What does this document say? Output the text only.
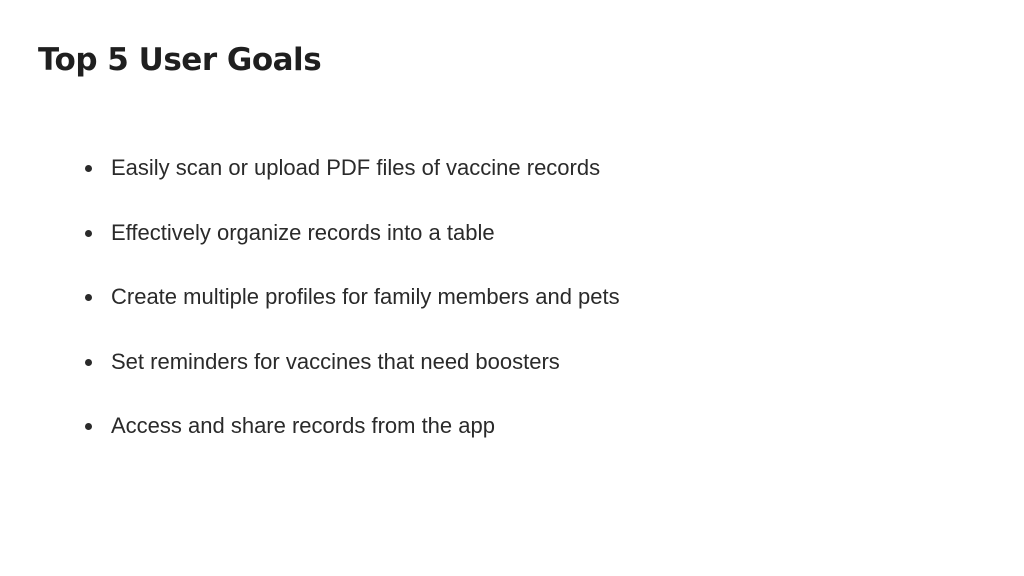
Top 5 User Goals
Easily scan or upload PDF files of vaccine records
Effectively organize records into a table
Create multiple profiles for family members and pets
Set reminders for vaccines that need boosters
Access and share records from the app
